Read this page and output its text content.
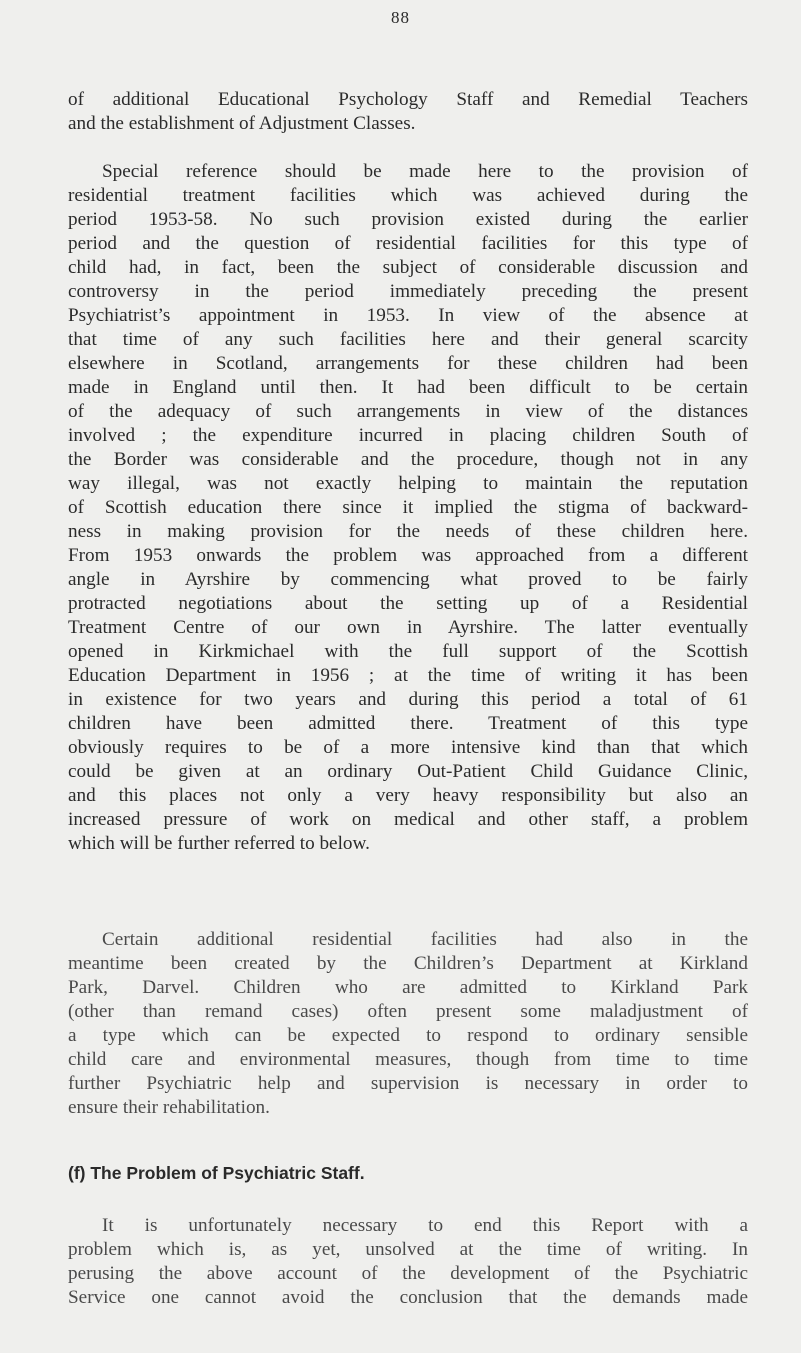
88
of additional Educational Psychology Staff and Remedial Teachers
and the establishment of Adjustment Classes.
Special reference should be made here to the provision of
residential treatment facilities which was achieved during the
period 1953-58. No such provision existed during the earlier
period and the question of residential facilities for this type of
child had, in fact, been the subject of considerable discussion and
controversy in the period immediately preceding the present
Psychiatrist’s appointment in 1953. In view of the absence at
that time of any such facilities here and their general scarcity
elsewhere in Scotland, arrangements for these children had been
made in England until then. It had been difficult to be certain
of the adequacy of such arrangements in view of the distances
involved ; the expenditure incurred in placing children South of
the Border was considerable and the procedure, though not in any
way illegal, was not exactly helping to maintain the reputation
of Scottish education there since it implied the stigma of backward-
ness in making provision for the needs of these children here.
From 1953 onwards the problem was approached from a different
angle in Ayrshire by commencing what proved to be fairly
protracted negotiations about the setting up of a Residential
Treatment Centre of our own in Ayrshire. The latter eventually
opened in Kirkmichael with the full support of the Scottish
Education Department in 1956 ; at the time of writing it has been
in existence for two years and during this period a total of 61
children have been admitted there. Treatment of this type
obviously requires to be of a more intensive kind than that which
could be given at an ordinary Out-Patient Child Guidance Clinic,
and this places not only a very heavy responsibility but also an
increased pressure of work on medical and other staff, a problem
which will be further referred to below.
Certain additional residential facilities had also in the
meantime been created by the Children’s Department at Kirkland
Park, Darvel. Children who are admitted to Kirkland Park
(other than remand cases) often present some maladjustment of
a type which can be expected to respond to ordinary sensible
child care and environmental measures, though from time to time
further Psychiatric help and supervision is necessary in order to
ensure their rehabilitation.
(f) The Problem of Psychiatric Staff.
It is unfortunately necessary to end this Report with a
problem which is, as yet, unsolved at the time of writing. In
perusing the above account of the development of the Psychiatric
Service one cannot avoid the conclusion that the demands made
